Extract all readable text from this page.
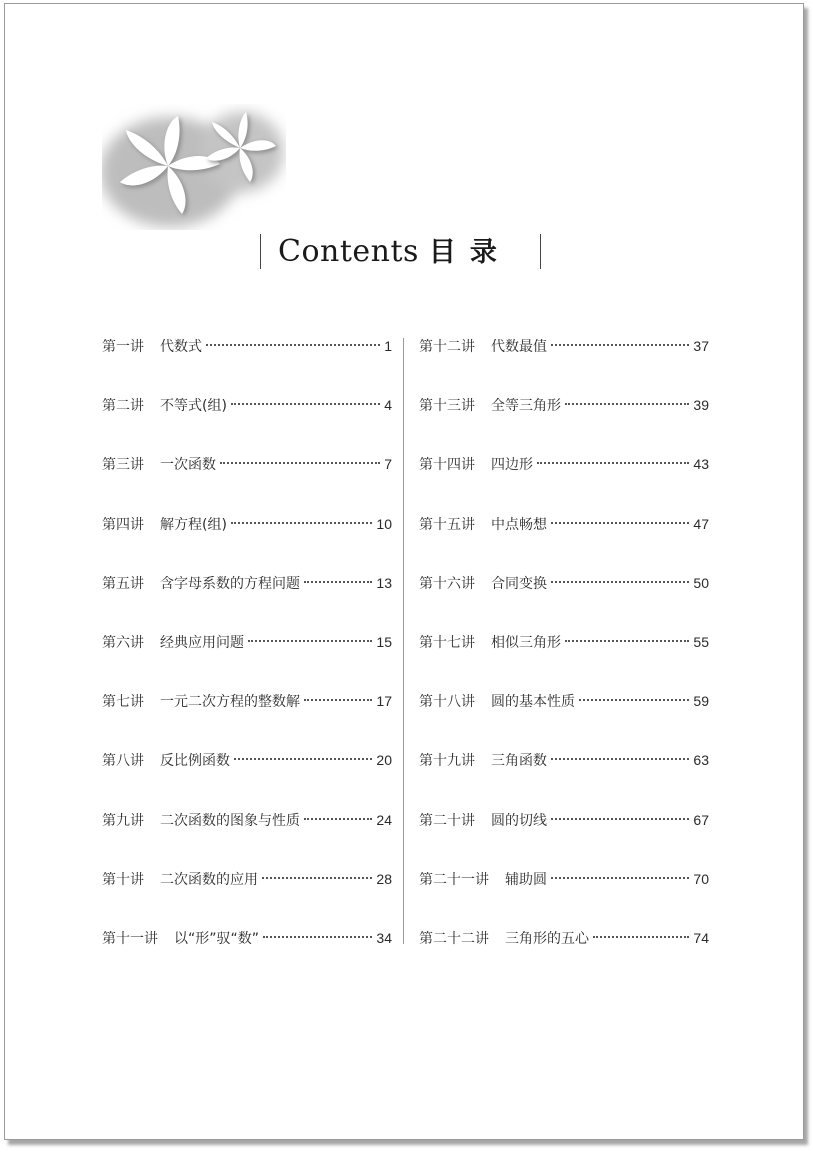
Contents 目录
第一讲 代数式	1
第二讲 不等式(组)	4
第三讲 一次函数	7
第四讲 解方程(组)	10
第五讲 含字母系数的方程问题	13
第六讲 经典应用问题	15
第七讲 一元二次方程的整数解	17
第八讲 反比例函数	20
第九讲 二次函数的图象与性质	24
第十讲 二次函数的应用	28
第十一讲 以“形”驭“数”	34
第十二讲 代数最值	37
第十三讲 全等三角形	39
第十四讲 四边形	43
第十五讲 中点畅想	47
第十六讲 合同变换	50
第十七讲 相似三角形	55
第十八讲 圆的基本性质	59
第十九讲 三角函数	63
第二十讲 圆的切线	67
第二十一讲 辅助圆	70
第二十二讲 三角形的五心	74
